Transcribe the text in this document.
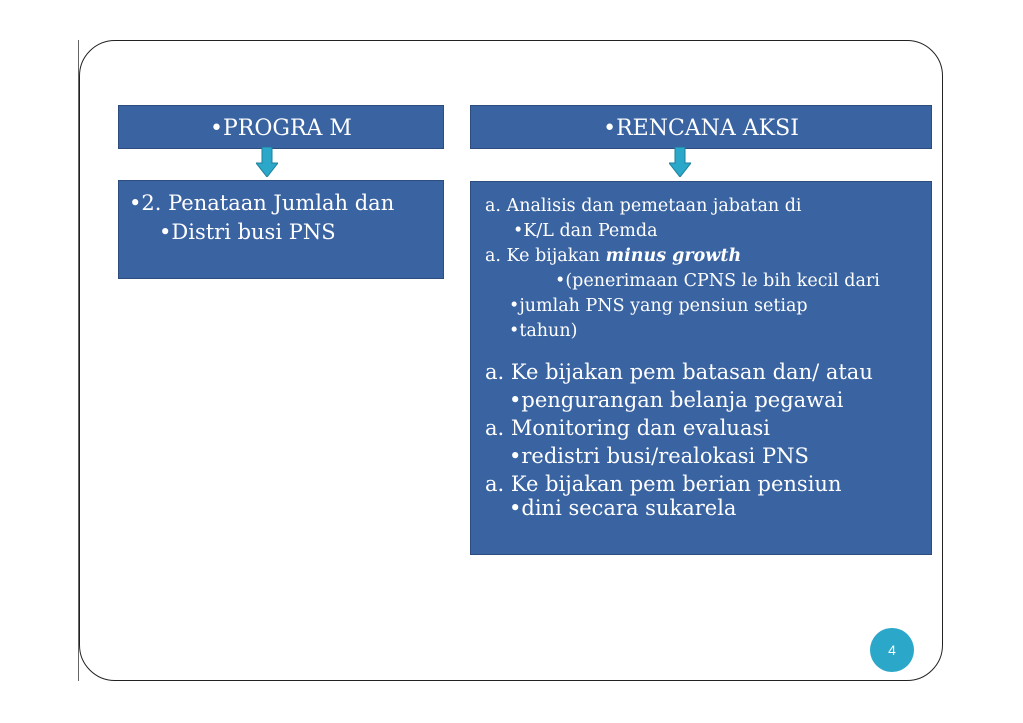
•PROGRA M	•RENCANA AKSI
•2. Penataan Jumlah dan
•Distri busi PNS
a. Analisis dan pemetaan jabatan di
•K/L dan Pemda
a. Ke bijakan minus growth
•(penerimaan CPNS le bih kecil dari
•jumlah PNS yang pensiun setiap
•tahun)
a. Ke bijakan pem batasan dan/ atau
•pengurangan belanja pegawai
a. Monitoring dan evaluasi
•redistri busi/realokasi PNS
a. Ke bijakan pem berian pensiun
•dini secara sukarela
4
